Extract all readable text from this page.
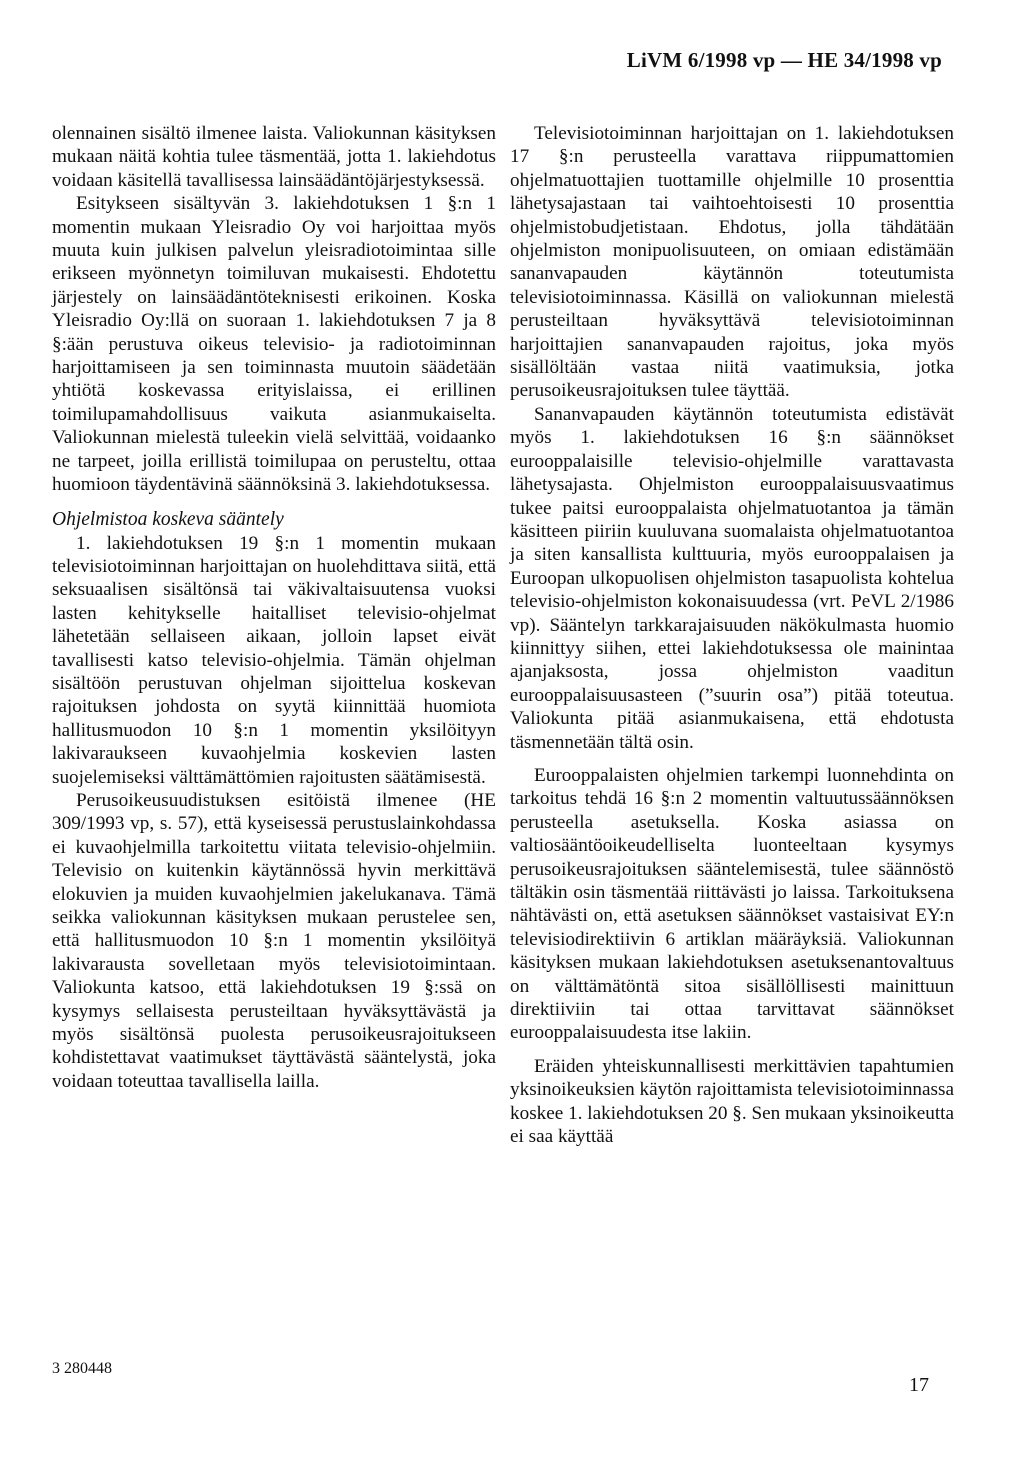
LiVM 6/1998 vp — HE 34/1998 vp

olennainen sisältö ilmenee laista. Valiokunnan käsityksen mukaan näitä kohtia tulee täsmentää, jotta 1. lakiehdotus voidaan käsitellä tavallisessa lainsäädäntöjärjestyksessä.

Esitykseen sisältyvän 3. lakiehdotuksen 1 §:n 1 momentin mukaan Yleisradio Oy voi harjoittaa myös muuta kuin julkisen palvelun yleisradiotoimintaa sille erikseen myönnetyn toimiluvan mukaisesti. Ehdotettu järjestely on lainsäädäntöteknisesti erikoinen. Koska Yleisradio Oy:llä on suoraan 1. lakiehdotuksen 7 ja 8 §:ään perustuva oikeus televisio- ja radiotoiminnan harjoittamiseen ja sen toiminnasta muutoin säädetään yhtiötä koskevassa erityislaissa, ei erillinen toimilupamahdollisuus vaikuta asianmukaiselta. Valiokunnan mielestä tuleekin vielä selvittää, voidaanko ne tarpeet, joilla erillistä toimilupaa on perusteltu, ottaa huomioon täydentävinä säännöksinä 3. lakiehdotuksessa.

Ohjelmistoa koskeva sääntely

1. lakiehdotuksen 19 §:n 1 momentin mukaan televisiotoiminnan harjoittajan on huolehdittava siitä, että seksuaalisen sisältönsä tai väkivaltaisuutensa vuoksi lasten kehitykselle haitalliset televisio-ohjelmat lähetetään sellaiseen aikaan, jolloin lapset eivät tavallisesti katso televisio-ohjelmia. Tämän ohjelman sisältöön perustuvan ohjelman sijoittelua koskevan rajoituksen johdosta on syytä kiinnittää huomiota hallitusmuodon 10 §:n 1 momentin yksilöityyn lakivaraukseen kuvaohjelmia koskevien lasten suojelemiseksi välttämättömien rajoitusten säätämisestä.

Perusoikeusuudistuksen esitöistä ilmenee (HE 309/1993 vp, s. 57), että kyseisessä perustuslainkohdassa ei kuvaohjelmilla tarkoitettu viitata televisio-ohjelmiin. Televisio on kuitenkin käytännössä hyvin merkittävä elokuvien ja muiden kuvaohjelmien jakelukanava. Tämä seikka valiokunnan käsityksen mukaan perustelee sen, että hallitusmuodon 10 §:n 1 momentin yksilöityä lakivarausta sovelletaan myös televisiotoimintaan. Valiokunta katsoo, että lakiehdotuksen 19 §:ssä on kysymys sellaisesta perusteiltaan hyväksyttävästä ja myös sisältönsä puolesta perusoikeusrajoitukseen kohdistettavat vaatimukset täyttävästä sääntelystä, joka voidaan toteuttaa tavallisella lailla.

Televisiotoiminnan harjoittajan on 1. lakiehdotuksen 17 §:n perusteella varattava riippumattomien ohjelmatuottajien tuottamille ohjelmille 10 prosenttia lähetysajastaan tai vaihtoehtoisesti 10 prosenttia ohjelmistobudjetistaan. Ehdotus, jolla tähdätään ohjelmiston monipuolisuuteen, on omiaan edistämään sananvapauden käytännön toteutumista televisiotoiminnassa. Käsillä on valiokunnan mielestä perusteiltaan hyväksyttävä televisiotoiminnan harjoittajien sananvapauden rajoitus, joka myös sisällöltään vastaa niitä vaatimuksia, jotka perusoikeusrajoituksen tulee täyttää.

Sananvapauden käytännön toteutumista edistävät myös 1. lakiehdotuksen 16 §:n säännökset eurooppalaisille televisio-ohjelmille varattavasta lähetysajasta. Ohjelmiston eurooppalaisuusvaatimus tukee paitsi eurooppalaista ohjelmatuotantoa ja tämän käsitteen piiriin kuuluvana suomalaista ohjelmatuotantoa ja siten kansallista kulttuuria, myös eurooppalaisen ja Euroopan ulkopuolisen ohjelmiston tasapuolista kohtelua televisio-ohjelmiston kokonaisuudessa (vrt. PeVL 2/1986 vp). Sääntelyn tarkkarajaisuuden näkökulmasta huomio kiinnittyy siihen, ettei lakiehdotuksessa ole mainintaa ajanjaksosta, jossa ohjelmiston vaaditun eurooppalaisuusasteen (”suurin osa”) pitää toteutua. Valiokunta pitää asianmukaisena, että ehdotusta täsmennetään tältä osin.

Eurooppalaisten ohjelmien tarkempi luonnehdinta on tarkoitus tehdä 16 §:n 2 momentin valtuutussäännöksen perusteella asetuksella. Koska asiassa on valtiosääntöoikeudelliselta luonteeltaan kysymys perusoikeusrajoituksen sääntelemisestä, tulee säännöstö tältäkin osin täsmentää riittävästi jo laissa. Tarkoituksena nähtävästi on, että asetuksen säännökset vastaisivat EY:n televisiodirektiivin 6 artiklan määräyksiä. Valiokunnan käsityksen mukaan lakiehdotuksen asetuksenantovaltuus on välttämätöntä sitoa sisällöllisesti mainittuun direktiiviin tai ottaa tarvittavat säännökset eurooppalaisuudesta itse lakiin.

Eräiden yhteiskunnallisesti merkittävien tapahtumien yksinoikeuksien käytön rajoittamista televisiotoiminnassa koskee 1. lakiehdotuksen 20 §. Sen mukaan yksinoikeutta ei saa käyttää

3 280448
17
